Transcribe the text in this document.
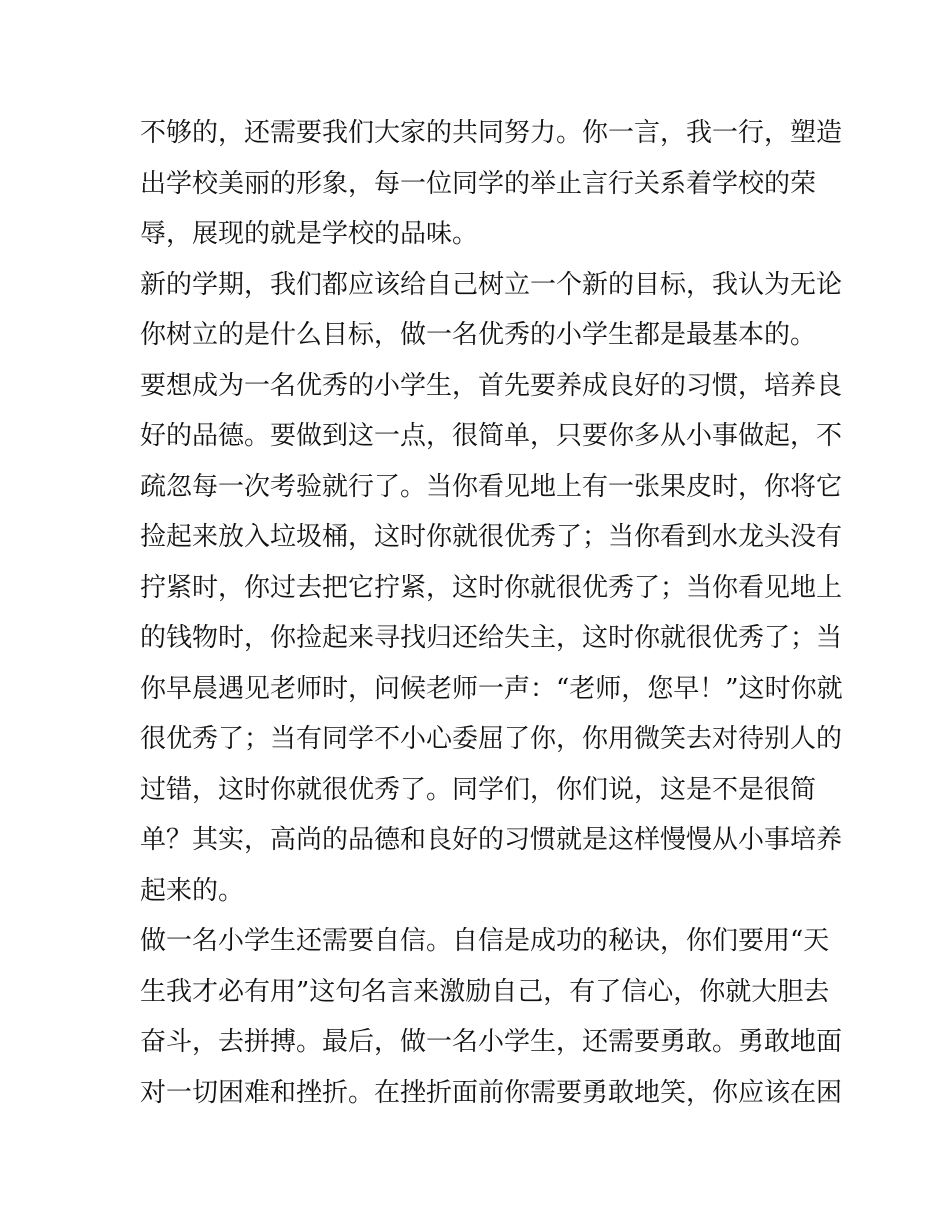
不够的，还需要我们大家的共同努力。你一言，我一行，塑造
出学校美丽的形象，每一位同学的举止言行关系着学校的荣
辱，展现的就是学校的品味。
新的学期，我们都应该给自己树立一个新的目标，我认为无论
你树立的是什么目标，做一名优秀的小学生都是最基本的。
要想成为一名优秀的小学生，首先要养成良好的习惯，培养良
好的品德。要做到这一点，很简单，只要你多从小事做起，不
疏忽每一次考验就行了。当你看见地上有一张果皮时，你将它
捡起来放入垃圾桶，这时你就很优秀了；当你看到水龙头没有
拧紧时，你过去把它拧紧，这时你就很优秀了；当你看见地上
的钱物时，你捡起来寻找归还给失主，这时你就很优秀了；当
你早晨遇见老师时，问候老师一声：“老师，您早！”这时你就
很优秀了；当有同学不小心委屈了你，你用微笑去对待别人的
过错，这时你就很优秀了。同学们，你们说，这是不是很简
单？其实，高尚的品德和良好的习惯就是这样慢慢从小事培养
起来的。
做一名小学生还需要自信。自信是成功的秘诀，你们要用“天
生我才必有用”这句名言来激励自己，有了信心，你就大胆去
奋斗，去拼搏。最后，做一名小学生，还需要勇敢。勇敢地面
对一切困难和挫折。在挫折面前你需要勇敢地笑，你应该在困
